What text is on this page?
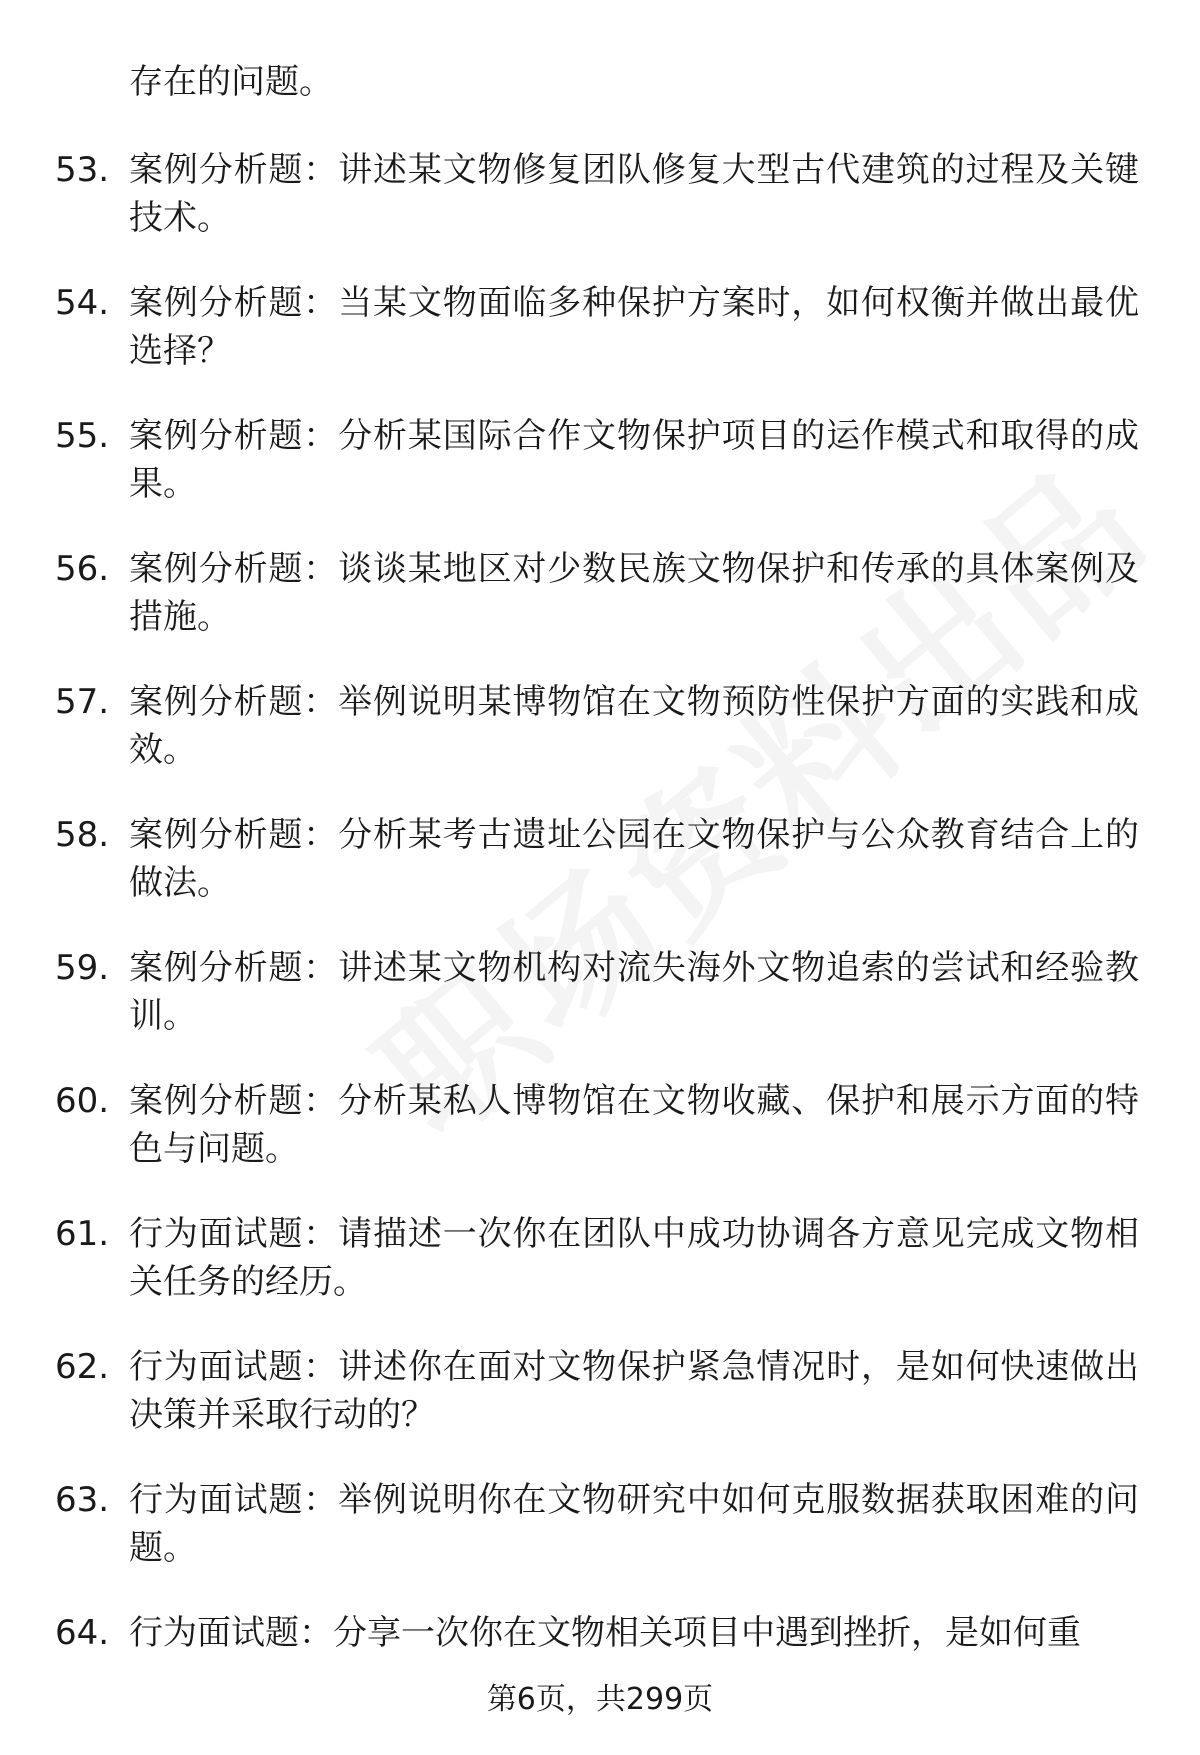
存在的问题。
53. 案例分析题：讲述某文物修复团队修复大型古代建筑的过程及关键技术。
54. 案例分析题：当某文物面临多种保护方案时，如何权衡并做出最优选择？
55. 案例分析题：分析某国际合作文物保护项目的运作模式和取得的成果。
56. 案例分析题：谈谈某地区对少数民族文物保护和传承的具体案例及措施。
57. 案例分析题：举例说明某博物馆在文物预防性保护方面的实践和成效。
58. 案例分析题：分析某考古遗址公园在文物保护与公众教育结合上的做法。
59. 案例分析题：讲述某文物机构对流失海外文物追索的尝试和经验教训。
60. 案例分析题：分析某私人博物馆在文物收藏、保护和展示方面的特色与问题。
61. 行为面试题：请描述一次你在团队中成功协调各方意见完成文物相关任务的经历。
62. 行为面试题：讲述你在面对文物保护紧急情况时，是如何快速做出决策并采取行动的？
63. 行为面试题：举例说明你在文物研究中如何克服数据获取困难的问题。
64. 行为面试题：分享一次你在文物相关项目中遇到挫折，是如何重
第6页，共299页
